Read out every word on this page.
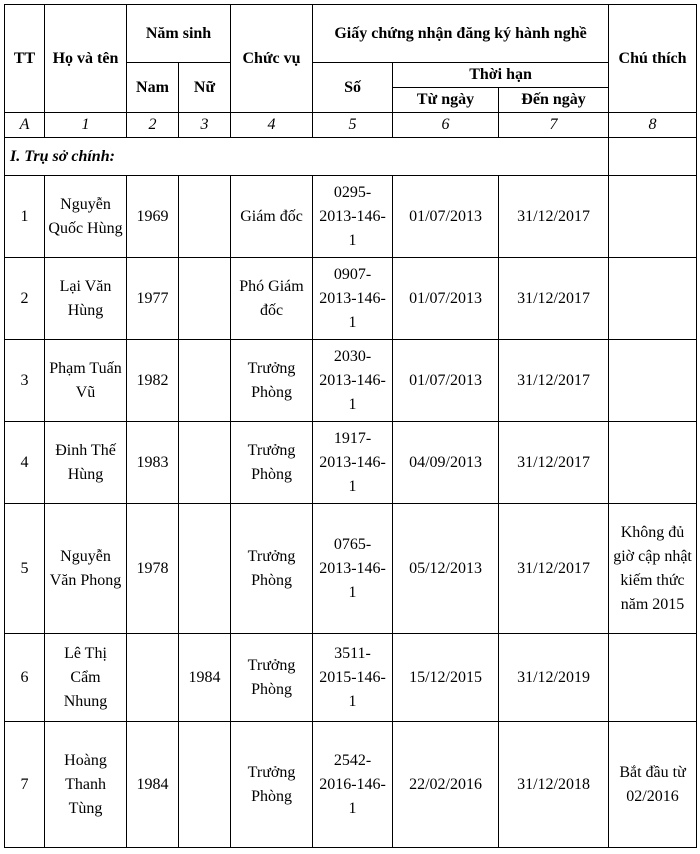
TT	Họ và tên	Năm sinh		Chức vụ	Giấy chứng nhận đăng ký hành nghề			Chú thích
		Nam	Nữ		Số	Thời hạn		
						Từ ngày	Đến ngày	
A	1	2	3	4	5	6	7	8
I. Trụ sở chính:								
1	Nguyễn Quốc Hùng	1969		Giám đốc	0295-2013-146-1	01/07/2013	31/12/2017	
2	Lại Văn Hùng	1977		Phó Giám đốc	0907-2013-146-1	01/07/2013	31/12/2017	
3	Phạm Tuấn Vũ	1982		Trưởng Phòng	2030-2013-146-1	01/07/2013	31/12/2017	
4	Đinh Thế Hùng	1983		Trưởng Phòng	1917-2013-146-1	04/09/2013	31/12/2017	
5	Nguyễn Văn Phong	1978		Trưởng Phòng	0765-2013-146-1	05/12/2013	31/12/2017	Không đủ giờ cập nhật kiếm thức năm 2015
6	Lê Thị Cẩm Nhung		1984	Trưởng Phòng	3511-2015-146-1	15/12/2015	31/12/2019	
7	Hoàng Thanh Tùng	1984		Trưởng Phòng	2542-2016-146-1	22/02/2016	31/12/2018	Bắt đầu từ 02/2016
